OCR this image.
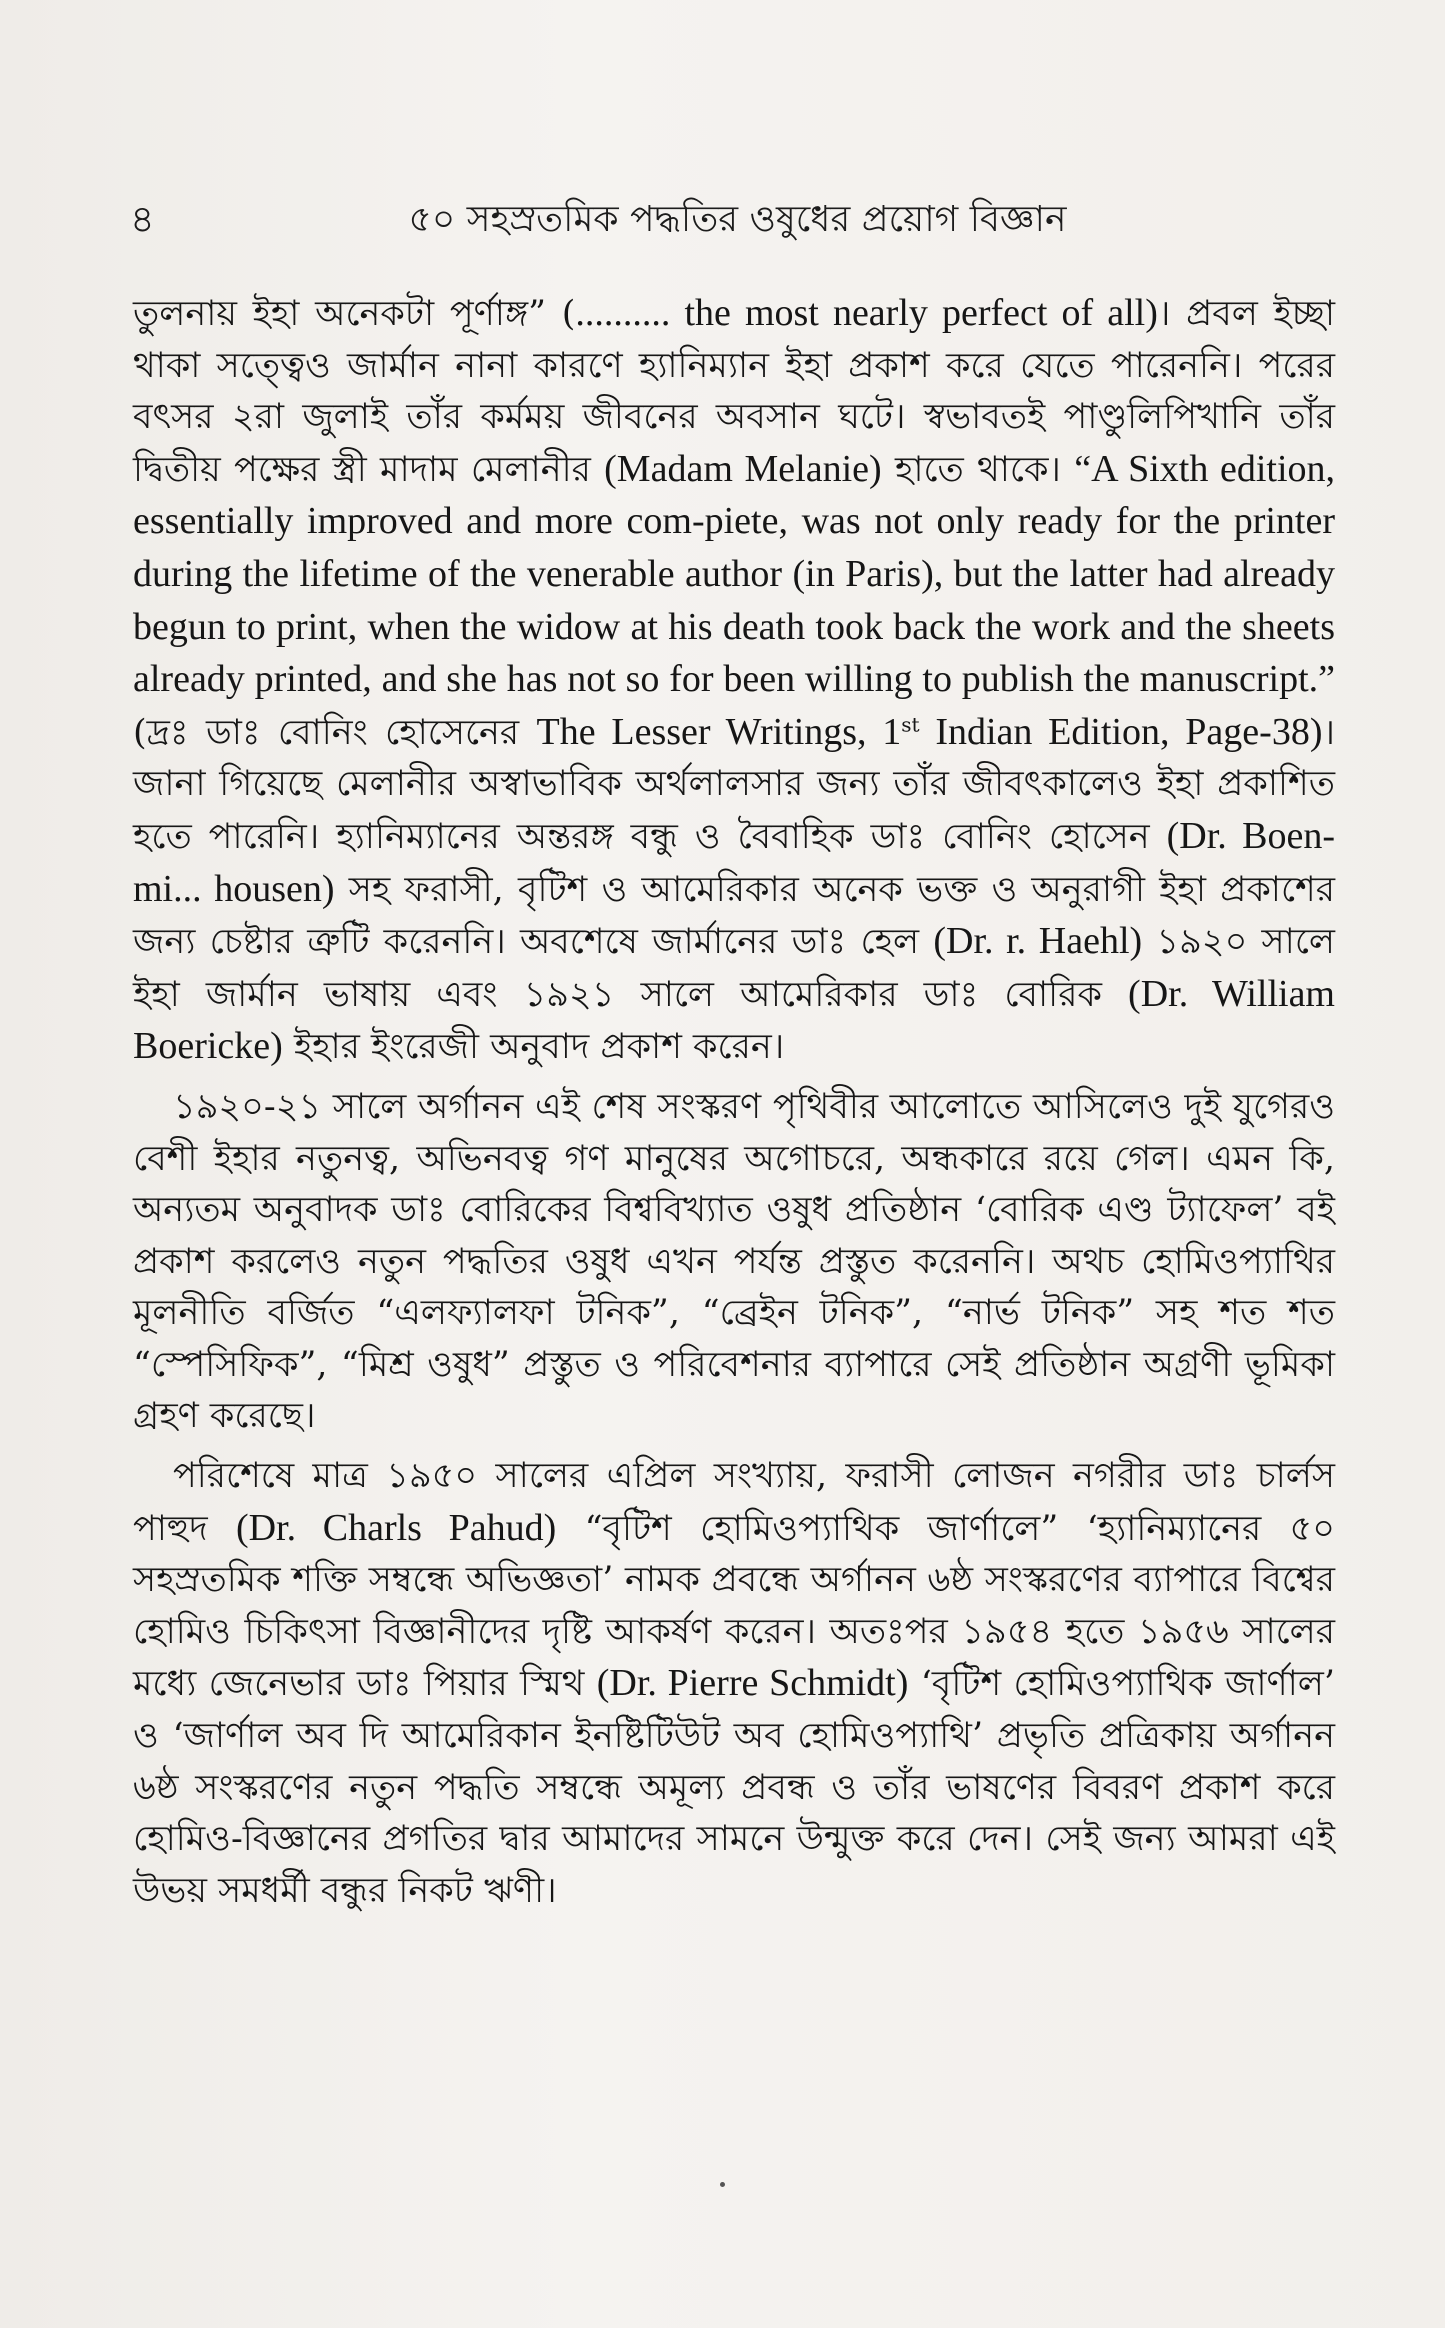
৪	৫০ সহস্রতমিক পদ্ধতির ওষুধের প্রয়োগ বিজ্ঞান

তুলনায় ইহা অনেকটা পূর্ণাঙ্গ” (.......... the most nearly perfect of all)। প্রবল ইচ্ছা থাকা সত্ত্বেও জার্মান নানা কারণে হ্যানিম্যান ইহা প্রকাশ করে যেতে পারেননি। পরের বৎসর ২রা জুলাই তাঁর কর্মময় জীবনের অবসান ঘটে। স্বভাবতই পাণ্ডুলিপিখানি তাঁর দ্বিতীয় পক্ষের স্ত্রী মাদাম মেলানীর (Madam Melanie) হাতে থাকে। “A Sixth edition, essentially improved and more com-piete, was not only ready for the printer during the lifetime of the venerable author (in Paris), but the latter had already begun to print, when the widow at his death took back the work and the sheets already printed, and she has not so for been willing to publish the manuscript.” (দ্রঃ ডাঃ বোনিং হোসেনের The Lesser Writings, 1st Indian Edition, Page-38)। জানা গিয়েছে মেলানীর অস্বাভাবিক অর্থলালসার জন্য তাঁর জীবৎকালেও ইহা প্রকাশিত হতে পারেনি। হ্যানিম্যানের অন্তরঙ্গ বন্ধু ও বৈবাহিক ডাঃ বোনিং হোসেন (Dr. Boen-mi... housen) সহ ফরাসী, বৃটিশ ও আমেরিকার অনেক ভক্ত ও অনুরাগী ইহা প্রকাশের জন্য চেষ্টার ত্রুটি করেননি। অবশেষে জার্মানের ডাঃ হেল (Dr. r. Haehl) ১৯২০ সালে ইহা জার্মান ভাষায় এবং ১৯২১ সালে আমেরিকার ডাঃ বোরিক (Dr. William Boericke) ইহার ইংরেজী অনুবাদ প্রকাশ করেন।

১৯২০-২১ সালে অর্গানন এই শেষ সংস্করণ পৃথিবীর আলোতে আসিলেও দুই যুগেরও বেশী ইহার নতুনত্ব, অভিনবত্ব গণ মানুষের অগোচরে, অন্ধকারে রয়ে গেল। এমন কি, অন্যতম অনুবাদক ডাঃ বোরিকের বিশ্ববিখ্যাত ওষুধ প্রতিষ্ঠান ‘বোরিক এণ্ড ট্যাফেল’ বই প্রকাশ করলেও নতুন পদ্ধতির ওষুধ এখন পর্যন্ত প্রস্তুত করেননি। অথচ হোমিওপ্যাথির মূলনীতি বর্জিত “এলফ্যালফা টনিক”, “ব্রেইন টনিক”, “নার্ভ টনিক” সহ শত শত “স্পেসিফিক”, “মিশ্র ওষুধ” প্রস্তুত ও পরিবেশনার ব্যাপারে সেই প্রতিষ্ঠান অগ্রণী ভূমিকা গ্রহণ করেছে।

পরিশেষে মাত্র ১৯৫০ সালের এপ্রিল সংখ্যায়, ফরাসী লোজন নগরীর ডাঃ চার্লস পাহুদ (Dr. Charls Pahud) “বৃটিশ হোমিওপ্যাথিক জার্ণালে” ‘হ্যানিম্যানের ৫০ সহস্রতমিক শক্তি সম্বন্ধে অভিজ্ঞতা’ নামক প্রবন্ধে অর্গানন ৬ষ্ঠ সংস্করণের ব্যাপারে বিশ্বের হোমিও চিকিৎসা বিজ্ঞানীদের দৃষ্টি আকর্ষণ করেন। অতঃপর ১৯৫৪ হতে ১৯৫৬ সালের মধ্যে জেনেভার ডাঃ পিয়ার স্মিথ (Dr. Pierre Schmidt) ‘বৃটিশ হোমিওপ্যাথিক জার্ণাল’ ও ‘জার্ণাল অব দি আমেরিকান ইনষ্টিটিউট অব হোমিওপ্যাথি’ প্রভৃতি প্রত্রিকায় অর্গানন ৬ষ্ঠ সংস্করণের নতুন পদ্ধতি সম্বন্ধে অমূল্য প্রবন্ধ ও তাঁর ভাষণের বিবরণ প্রকাশ করে হোমিও-বিজ্ঞানের প্রগতির দ্বার আমাদের সামনে উন্মুক্ত করে দেন। সেই জন্য আমরা এই উভয় সমধর্মী বন্ধুর নিকট ঋণী।
